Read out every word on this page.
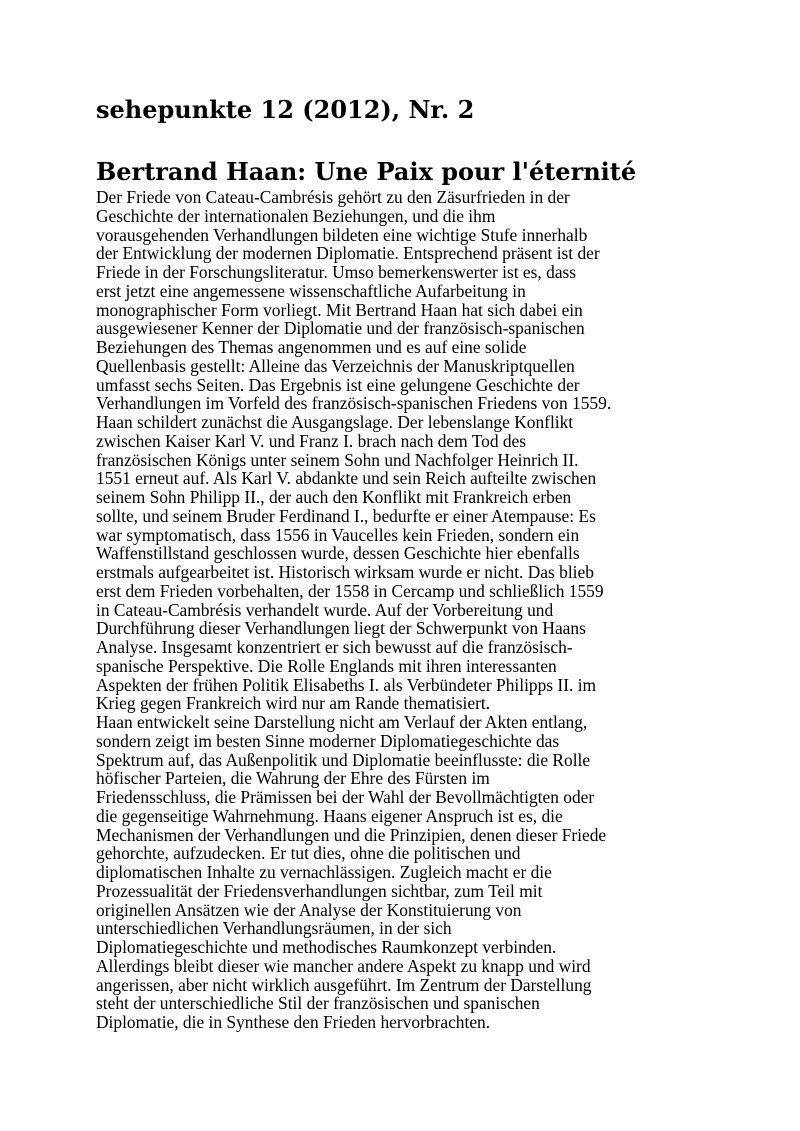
sehepunkte 12 (2012), Nr. 2
Bertrand Haan: Une Paix pour l'éternité
Der Friede von Cateau-Cambrésis gehört zu den Zäsurfrieden in der
Geschichte der internationalen Beziehungen, und die ihm
vorausgehenden Verhandlungen bildeten eine wichtige Stufe innerhalb
der Entwicklung der modernen Diplomatie. Entsprechend präsent ist der
Friede in der Forschungsliteratur. Umso bemerkenswerter ist es, dass
erst jetzt eine angemessene wissenschaftliche Aufarbeitung in
monographischer Form vorliegt. Mit Bertrand Haan hat sich dabei ein
ausgewiesener Kenner der Diplomatie und der französisch-spanischen
Beziehungen des Themas angenommen und es auf eine solide
Quellenbasis gestellt: Alleine das Verzeichnis der Manuskriptquellen
umfasst sechs Seiten. Das Ergebnis ist eine gelungene Geschichte der
Verhandlungen im Vorfeld des französisch-spanischen Friedens von 1559.
Haan schildert zunächst die Ausgangslage. Der lebenslange Konflikt
zwischen Kaiser Karl V. und Franz I. brach nach dem Tod des
französischen Königs unter seinem Sohn und Nachfolger Heinrich II.
1551 erneut auf. Als Karl V. abdankte und sein Reich aufteilte zwischen
seinem Sohn Philipp II., der auch den Konflikt mit Frankreich erben
sollte, und seinem Bruder Ferdinand I., bedurfte er einer Atempause: Es
war symptomatisch, dass 1556 in Vaucelles kein Frieden, sondern ein
Waffenstillstand geschlossen wurde, dessen Geschichte hier ebenfalls
erstmals aufgearbeitet ist. Historisch wirksam wurde er nicht. Das blieb
erst dem Frieden vorbehalten, der 1558 in Cercamp und schließlich 1559
in Cateau-Cambrésis verhandelt wurde. Auf der Vorbereitung und
Durchführung dieser Verhandlungen liegt der Schwerpunkt von Haans
Analyse. Insgesamt konzentriert er sich bewusst auf die französisch-
spanische Perspektive. Die Rolle Englands mit ihren interessanten
Aspekten der frühen Politik Elisabeths I. als Verbündeter Philipps II. im
Krieg gegen Frankreich wird nur am Rande thematisiert.
Haan entwickelt seine Darstellung nicht am Verlauf der Akten entlang,
sondern zeigt im besten Sinne moderner Diplomatiegeschichte das
Spektrum auf, das Außenpolitik und Diplomatie beeinflusste: die Rolle
höfischer Parteien, die Wahrung der Ehre des Fürsten im
Friedensschluss, die Prämissen bei der Wahl der Bevollmächtigten oder
die gegenseitige Wahrnehmung. Haans eigener Anspruch ist es, die
Mechanismen der Verhandlungen und die Prinzipien, denen dieser Friede
gehorchte, aufzudecken. Er tut dies, ohne die politischen und
diplomatischen Inhalte zu vernachlässigen. Zugleich macht er die
Prozessualität der Friedensverhandlungen sichtbar, zum Teil mit
originellen Ansätzen wie der Analyse der Konstituierung von
unterschiedlichen Verhandlungsräumen, in der sich
Diplomatiegeschichte und methodisches Raumkonzept verbinden.
Allerdings bleibt dieser wie mancher andere Aspekt zu knapp und wird
angerissen, aber nicht wirklich ausgeführt. Im Zentrum der Darstellung
steht der unterschiedliche Stil der französischen und spanischen
Diplomatie, die in Synthese den Frieden hervorbrachten.
